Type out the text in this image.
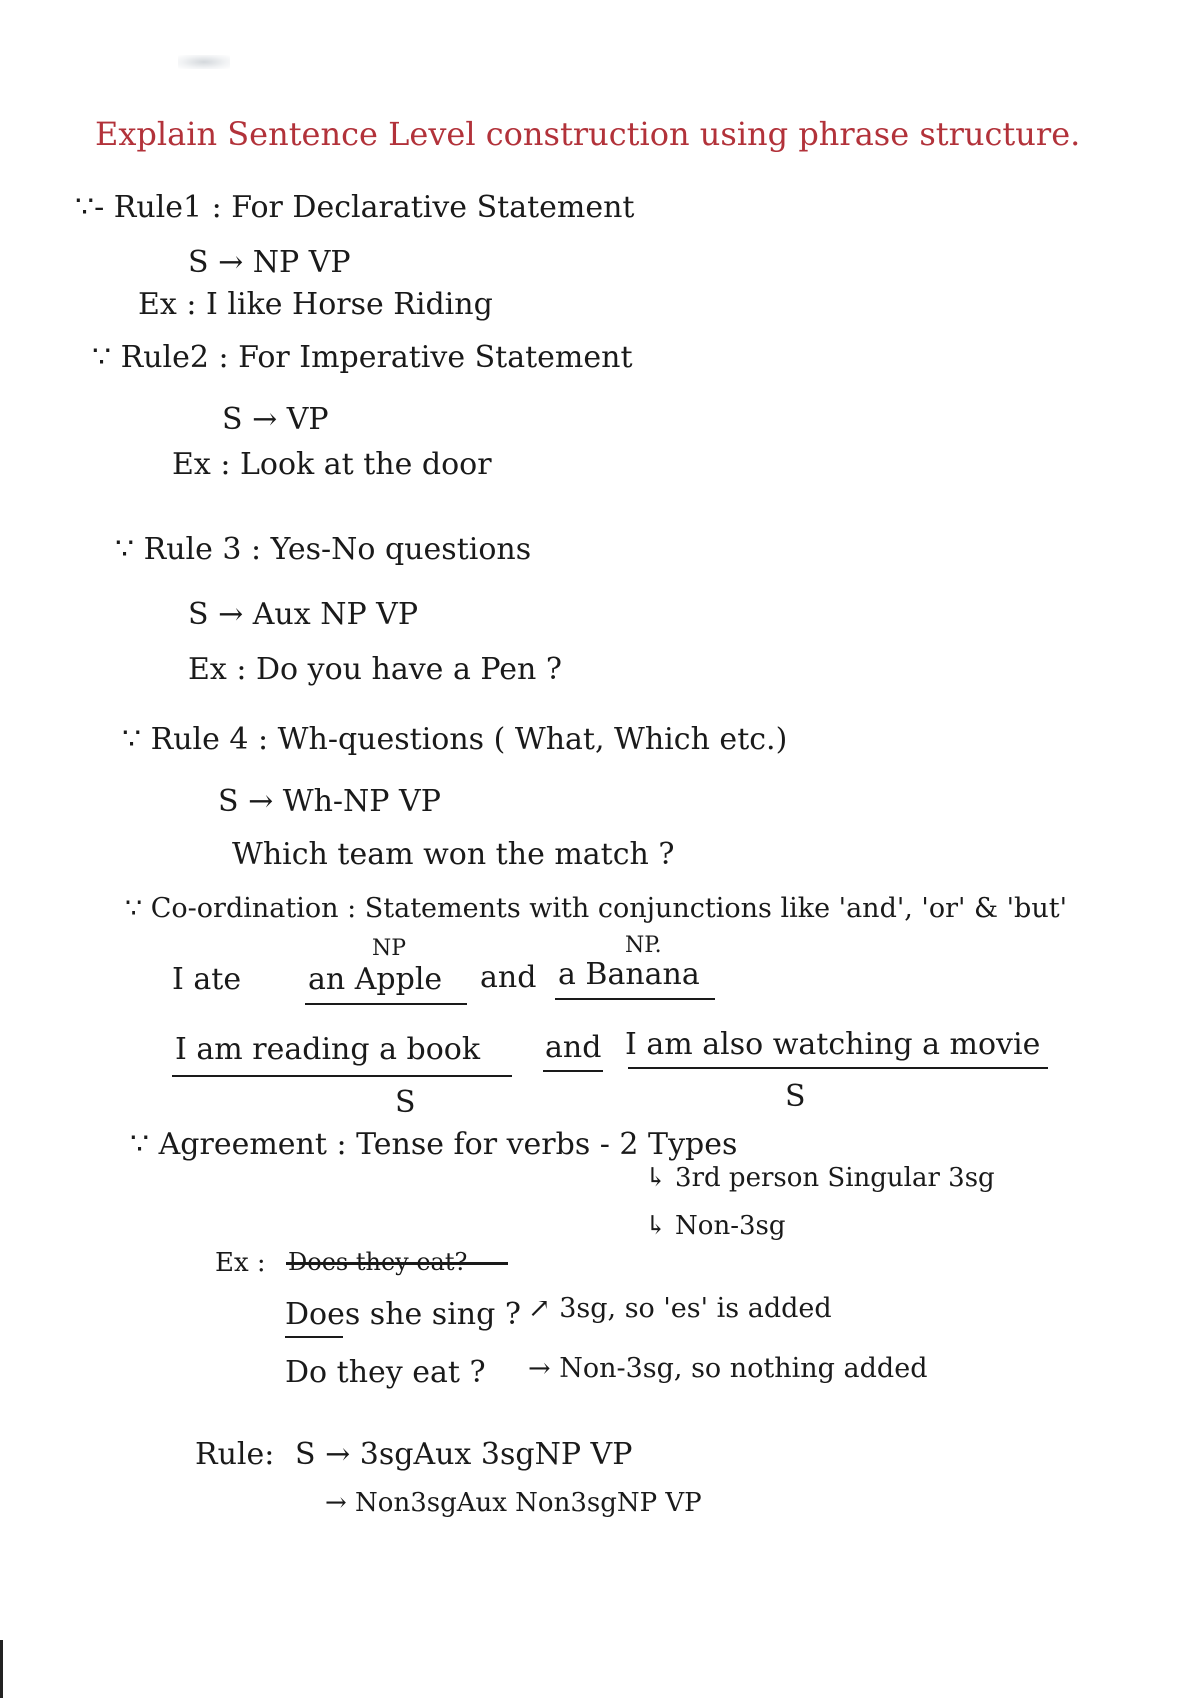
Explain Sentence Level construction using phrase structure.
∵- Rule1 : For Declarative Statement
S → NP VP
Ex : I like Horse Riding
∵ Rule2 : For Imperative Statement
S → VP
Ex : Look at the door
∵ Rule 3 : Yes-No questions
S → Aux NP VP
Ex : Do you have a Pen ?
∵ Rule 4 : Wh-questions ( What, Which etc.)
S → Wh-NP VP
Which team won the match ?
∵ Co-ordination : Statements with conjunctions like 'and', 'or' & 'but'
NP	NP.
I ate an Apple and a Banana
I am reading a book and I am also watching a movie
S	S
∵ Agreement : Tense for verbs - 2 Types
↳ 3rd person Singular 3sg
↳ Non-3sg
Ex : Does they eat?
Does she sing ? ↗ 3sg, so 'es' is added
Do they eat ? → Non-3sg, so nothing added
Rule: S → 3sgAux 3sgNP VP
→ Non3sgAux Non3sgNP VP
